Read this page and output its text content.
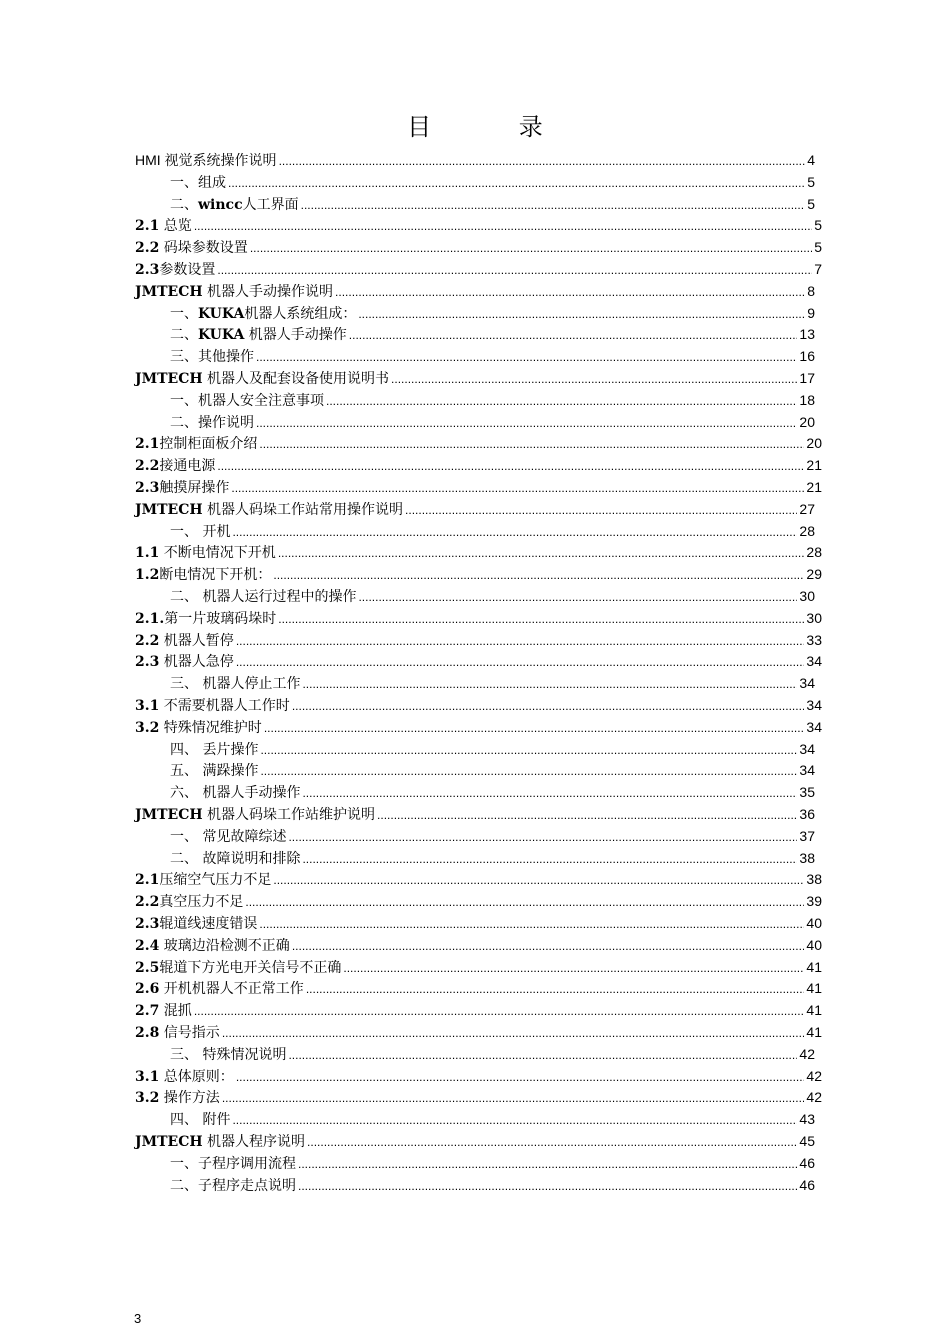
目 录
HMI 视觉系统操作说明 .....	4
一、组成 .....	5
二、wincc人工界面 .....	5
2.1 总览 .....	5
2.2 码垛参数设置 .....	5
2.3参数设置 .....	7
JMTECH 机器人手动操作说明 .....	8
一、KUKA机器人系统组成： .....	9
二、KUKA 机器人手动操作 .....	13
三、其他操作 .....	16
JMTECH 机器人及配套设备使用说明书 .....	17
一、机器人安全注意事项 .....	18
二、操作说明 .....	20
2.1控制柜面板介绍 .....	20
2.2接通电源 .....	21
2.3触摸屏操作 .....	21
JMTECH 机器人码垛工作站常用操作说明 .....	27
一、 开机 .....	28
1.1 不断电情况下开机 .....	28
1.2断电情况下开机： .....	29
二、 机器人运行过程中的操作 .....	30
2.1.第一片玻璃码垛时 .....	30
2.2 机器人暂停 .....	33
2.3 机器人急停 .....	34
三、 机器人停止工作 .....	34
3.1 不需要机器人工作时 .....	34
3.2 特殊情况维护时 .....	34
四、 丢片操作 .....	34
五、 满跺操作 .....	34
六、 机器人手动操作 .....	35
JMTECH 机器人码垛工作站维护说明 .....	36
一、 常见故障综述 .....	37
二、 故障说明和排除 .....	38
2.1压缩空气压力不足 .....	38
2.2真空压力不足 .....	39
2.3辊道线速度错误 .....	40
2.4 玻璃边沿检测不正确 .....	40
2.5辊道下方光电开关信号不正确 .....	41
2.6 开机机器人不正常工作 .....	41
2.7 混抓 .....	41
2.8 信号指示 .....	41
三、 特殊情况说明 .....	42
3.1 总体原则： .....	42
3.2 操作方法 .....	42
四、 附件 .....	43
JMTECH 机器人程序说明 .....	45
一、子程序调用流程 .....	46
二、子程序走点说明 .....	46
3
